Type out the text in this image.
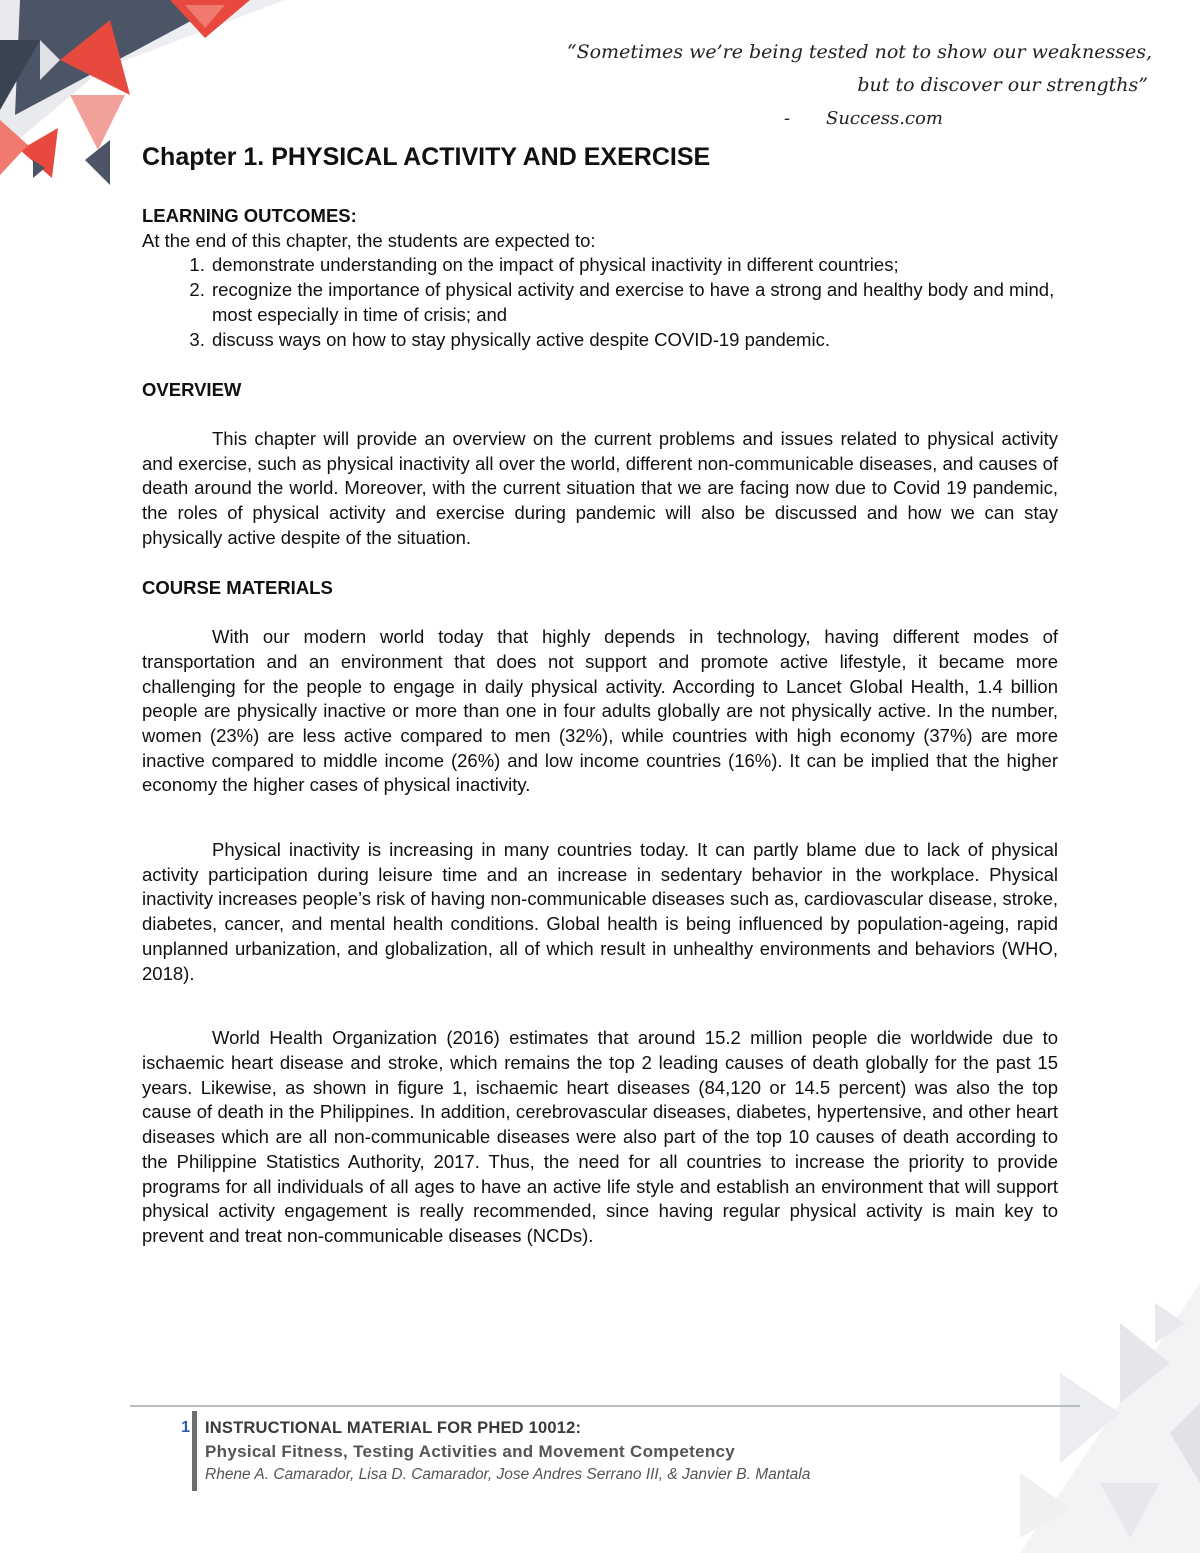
“Sometimes we’re being tested not to show our weaknesses,
but to discover our strengths”
- Success.com
Chapter 1. PHYSICAL ACTIVITY AND EXERCISE

LEARNING OUTCOMES:

At the end of this chapter, the students are expected to:

1. demonstrate understanding on the impact of physical inactivity in different countries;
2. recognize the importance of physical activity and exercise to have a strong and healthy body and mind, most especially in time of crisis; and
3. discuss ways on how to stay physically active despite COVID-19 pandemic.

OVERVIEW

This chapter will provide an overview on the current problems and issues related to physical activity and exercise, such as physical inactivity all over the world, different non-communicable diseases, and causes of death around the world. Moreover, with the current situation that we are facing now due to Covid 19 pandemic, the roles of physical activity and exercise during pandemic will also be discussed and how we can stay physically active despite of the situation.

COURSE MATERIALS

With our modern world today that highly depends in technology, having different modes of transportation and an environment that does not support and promote active lifestyle, it became more challenging for the people to engage in daily physical activity. According to Lancet Global Health, 1.4 billion people are physically inactive or more than one in four adults globally are not physically active. In the number, women (23%) are less active compared to men (32%), while countries with high economy (37%) are more inactive compared to middle income (26%) and low income countries (16%). It can be implied that the higher economy the higher cases of physical inactivity.

Physical inactivity is increasing in many countries today. It can partly blame due to lack of physical activity participation during leisure time and an increase in sedentary behavior in the workplace. Physical inactivity increases people’s risk of having non-communicable diseases such as, cardiovascular disease, stroke, diabetes, cancer, and mental health conditions. Global health is being influenced by population-ageing, rapid unplanned urbanization, and globalization, all of which result in unhealthy environments and behaviors (WHO, 2018).

World Health Organization (2016) estimates that around 15.2 million people die worldwide due to ischaemic heart disease and stroke, which remains the top 2 leading causes of death globally for the past 15 years. Likewise, as shown in figure 1, ischaemic heart diseases (84,120 or 14.5 percent) was also the top cause of death in the Philippines. In addition, cerebrovascular diseases, diabetes, hypertensive, and other heart diseases which are all non-communicable diseases were also part of the top 10 causes of death according to the Philippine Statistics Authority, 2017. Thus, the need for all countries to increase the priority to provide programs for all individuals of all ages to have an active life style and establish an environment that will support physical activity engagement is really recommended, since having regular physical activity is main key to prevent and treat non-communicable diseases (NCDs).

1 INSTRUCTIONAL MATERIAL FOR PHED 10012:
Physical Fitness, Testing Activities and Movement Competency
Rhene A. Camarador, Lisa D. Camarador, Jose Andres Serrano III, & Janvier B. Mantala
